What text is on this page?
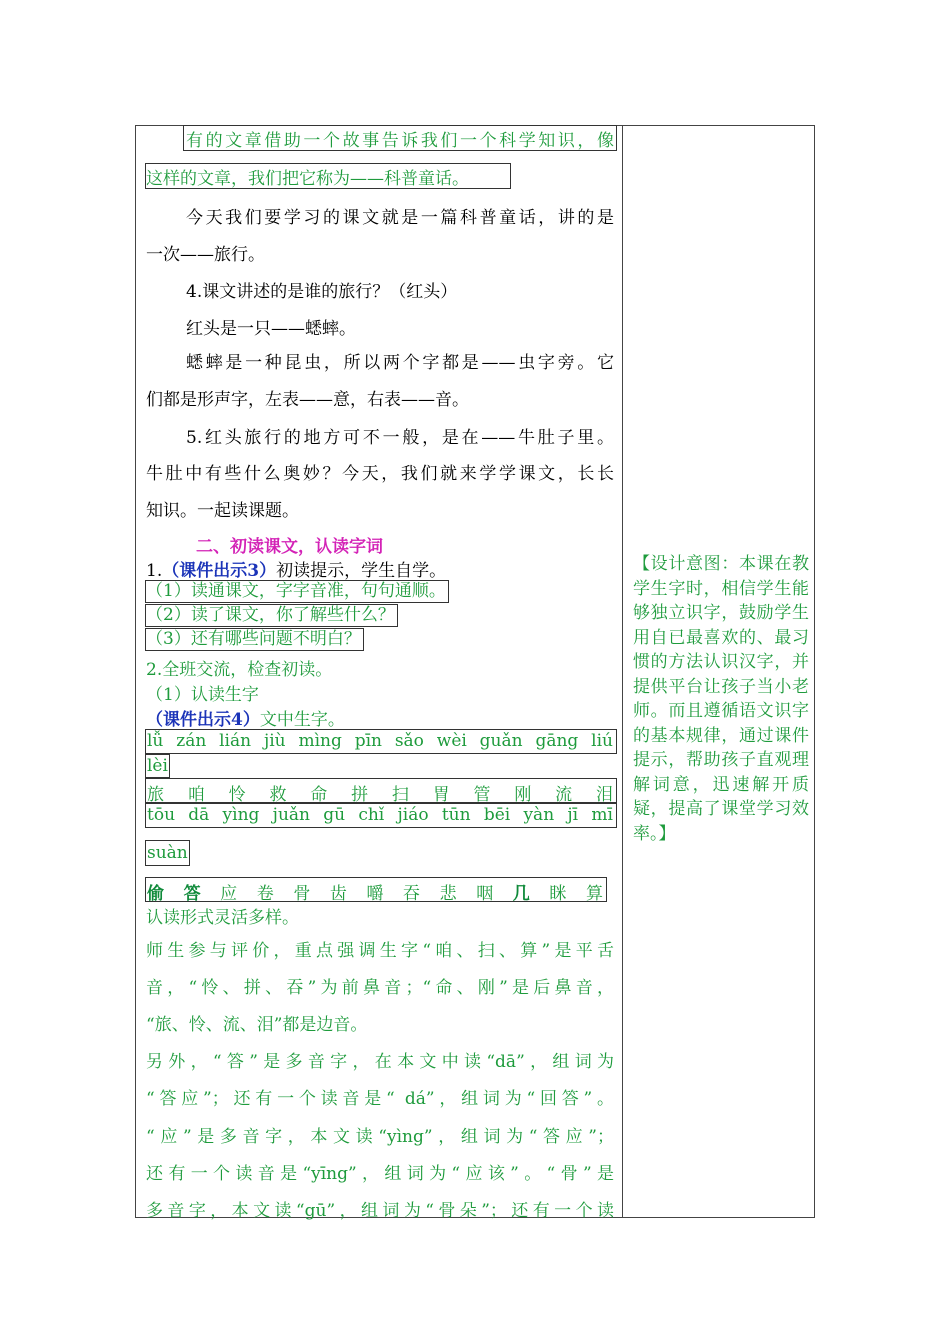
有的文章借助一个故事告诉我们一个科学知识，像
这样的文章，我们把它称为——科普童话。
今天我们要学习的课文就是一篇科普童话，讲的是
一次——旅行。
4.课文讲述的是谁的旅行？（红头）
红头是一只——蟋蟀。
蟋蟀是一种昆虫，所以两个字都是——虫字旁。它
们都是形声字，左表——意，右表——音。
5.红头旅行的地方可不一般，是在——牛肚子里。
牛肚中有些什么奥妙？今天，我们就来学学课文，长长
知识。一起读课题。
二、初读课文，认读字词
1.（课件出示3）初读提示，学生自学。
（1）读通课文，字字音准，句句通顺。
（2）读了课文，你了解些什么？
（3）还有哪些问题不明白？
2.全班交流，检查初读。
（1）认读生字
（课件出示4）文中生字。
lǚ zán lián jiù mìng pīn sǎo wèi guǎn gāng liú
lèi
旅 咱 怜 救 命 拼 扫 胃 管 刚 流 泪
tōu dā yìng juǎn gū chǐ jiáo tūn bēi yàn jī mī
suàn
偷 答 应 卷 骨 齿 嚼 吞 悲 咽 几 眯 算
认读形式灵活多样。
师生参与评价，重点强调生字“咱、扫、算”是平舌
音，“怜、拼、吞”为前鼻音；“命、刚”是后鼻音，
“旅、怜、流、泪”都是边音。
另外，“答”是多音字，在本文中读“dā”，组词为
“答应”；还有一个读音是“ dá”，组词为“回答”。
“应”是多音字，本文读“yìng”，组词为“答应”；
还有一个读音是“yīng”，组词为“应该”。“骨”是
多音字，本文读“gū”，组词为“骨朵”；还有一个读
【设计意图：本课在教学生字时，相信学生能够独立识字，鼓励学生用自已最喜欢的、最习惯的方法认识汉字，并提供平台让孩子当小老师。而且遵循语文识字的基本规律，通过课件提示，帮助孩子直观理解词意，迅速解开质疑，提高了课堂学习效率。】
